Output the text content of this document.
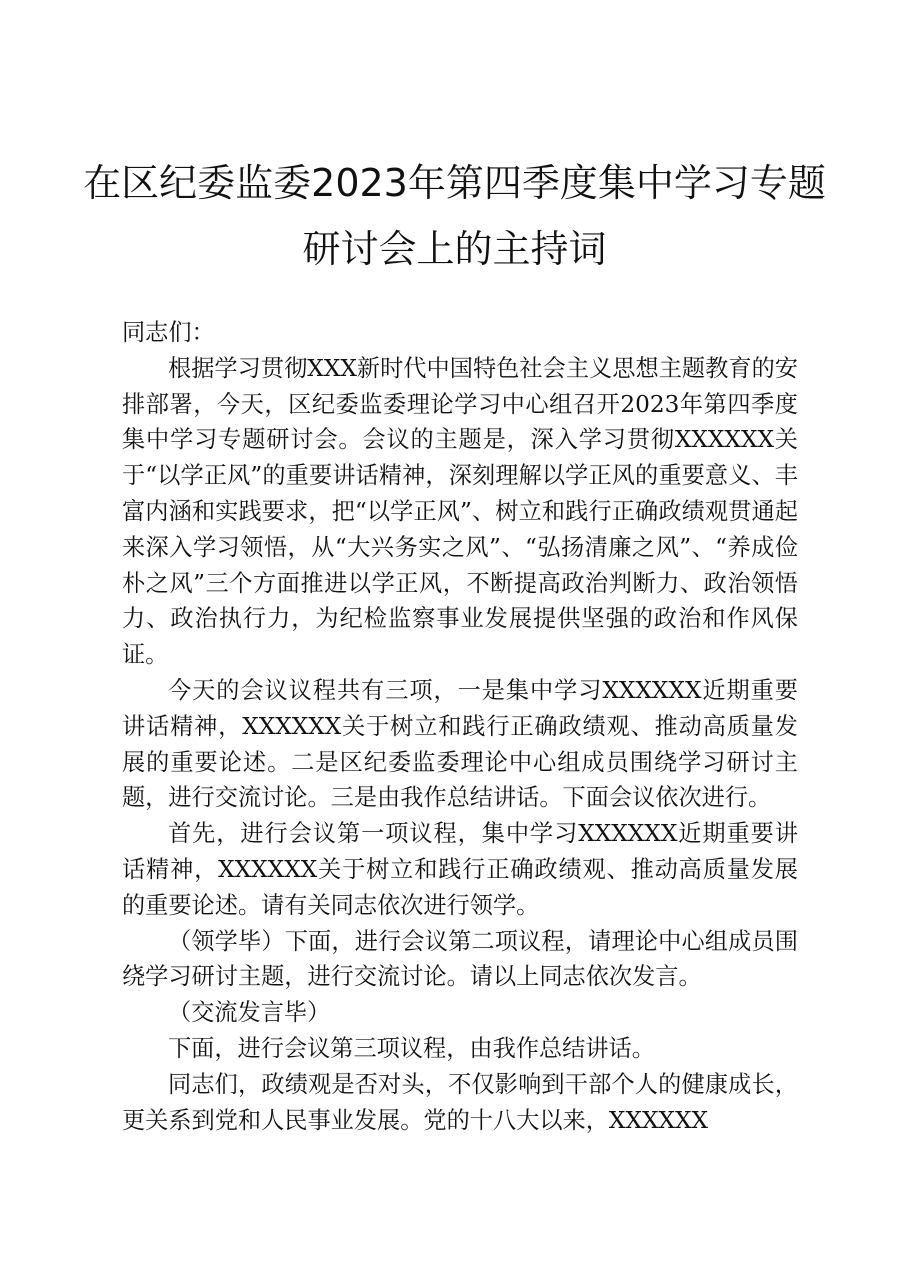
在区纪委监委2023年第四季度集中学习专题
研讨会上的主持词

同志们：

根据学习贯彻XXX新时代中国特色社会主义思想主题教育的安排部署，今天，区纪委监委理论学习中心组召开2023年第四季度集中学习专题研讨会。会议的主题是，深入学习贯彻XXXXXX关于“以学正风”的重要讲话精神，深刻理解以学正风的重要意义、丰富内涵和实践要求，把“以学正风”、树立和践行正确政绩观贯通起来深入学习领悟，从“大兴务实之风”、“弘扬清廉之风”、“养成俭朴之风”三个方面推进以学正风，不断提高政治判断力、政治领悟力、政治执行力，为纪检监察事业发展提供坚强的政治和作风保证。

今天的会议议程共有三项，一是集中学习XXXXXX近期重要讲话精神，XXXXXX关于树立和践行正确政绩观、推动高质量发展的重要论述。二是区纪委监委理论中心组成员围绕学习研讨主题，进行交流讨论。三是由我作总结讲话。下面会议依次进行。

首先，进行会议第一项议程，集中学习XXXXXX近期重要讲话精神，XXXXXX关于树立和践行正确政绩观、推动高质量发展的重要论述。请有关同志依次进行领学。

（领学毕）下面，进行会议第二项议程，请理论中心组成员围绕学习研讨主题，进行交流讨论。请以上同志依次发言。

（交流发言毕）

下面，进行会议第三项议程，由我作总结讲话。

同志们，政绩观是否对头，不仅影响到干部个人的健康成长，更关系到党和人民事业发展。党的十八大以来，XXXXXX
